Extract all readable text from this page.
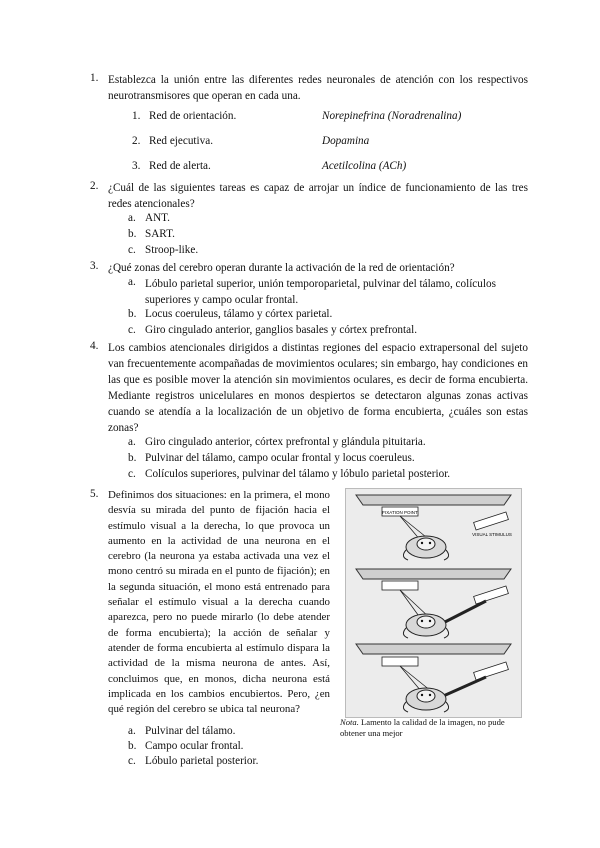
1. Establezca la unión entre las diferentes redes neuronales de atención con los respectivos neurotransmisores que operan en cada una.
1. Red de orientación.	Norepinefrina (Noradrenalina)
2. Red ejecutiva.	Dopamina
3. Red de alerta.	Acetilcolina (ACh)
2. ¿Cuál de las siguientes tareas es capaz de arrojar un índice de funcionamiento de las tres redes atencionales?
a. ANT.
b. SART.
c. Stroop-like.
3. ¿Qué zonas del cerebro operan durante la activación de la red de orientación?
a. Lóbulo parietal superior, unión temporoparietal, pulvinar del tálamo, colículos superiores y campo ocular frontal.
b. Locus coeruleus, tálamo y córtex parietal.
c. Giro cingulado anterior, ganglios basales y córtex prefrontal.
4. Los cambios atencionales dirigidos a distintas regiones del espacio extrapersonal del sujeto van frecuentemente acompañadas de movimientos oculares; sin embargo, hay condiciones en las que es posible mover la atención sin movimientos oculares, es decir de forma encubierta. Mediante registros unicelulares en monos despiertos se detectaron algunas zonas activas cuando se atendía a la localización de un objetivo de forma encubierta, ¿cuáles son estas zonas?
a. Giro cingulado anterior, córtex prefrontal y glándula pituitaria.
b. Pulvinar del tálamo, campo ocular frontal y locus coeruleus.
c. Colículos superiores, pulvinar del tálamo y lóbulo parietal posterior.
5. Definimos dos situaciones: en la primera, el mono desvía su mirada del punto de fijación hacia el estímulo visual a la derecha, lo que provoca un aumento en la actividad de una neurona en el cerebro (la neurona ya estaba activada una vez el mono centró su mirada en el punto de fijación); en la segunda situación, el mono está entrenado para señalar el estímulo visual a la derecha cuando aparezca, pero no puede mirarlo (lo debe atender de forma encubierta); la acción de señalar y atender de forma encubierta al estímulo dispara la actividad de la misma neurona de antes. Así, concluimos que, en monos, dicha neurona está implicada en los cambios encubiertos. Pero, ¿en qué región del cerebro se ubica tal neurona?
a. Pulvinar del tálamo.
b. Campo ocular frontal.
c. Lóbulo parietal posterior.
FIXATION POINT
VISUAL STIMULUS
Nota. Lamento la calidad de la imagen, no pude obtener una mejor
